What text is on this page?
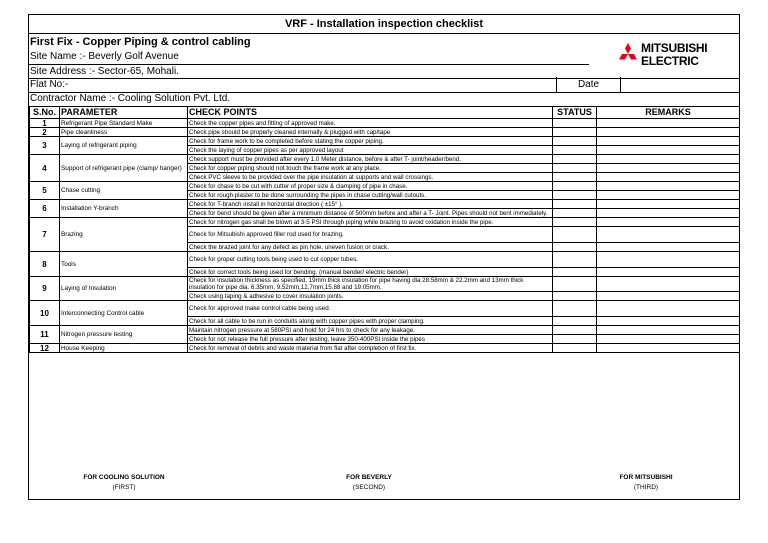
VRF - Installation inspection checklist
First Fix - Copper Piping & control cabling
Site Name :- Beverly Golf Avenue
Site Address :- Sector-65, Mohali.
Flat No:-	Date
Contractor Name :- Cooling Solution Pvt. Ltd.
MITSUBISHI
ELECTRIC
S.No.	PARAMETER	CHECK POINTS	STATUS	REMARKS
1	Refrigerant Pipe Standard Make	Check the copper pipes and fitting of approved make.		
2	Pipe cleanliness	Check pipe should be properly cleaned internally & plugged with cap/tape		
3	Laying of refrigerant piping	Check for frame work to be completed before stating the copper piping.		
		Check the laying of copper pipes as per approved layout		
4	Support of refrigerant pipe (clamp/ hanger)	Check support must be provided after every 1.0 Meter distance, before & after T- joint/header/bend.		
		Check for copper piping should not touch the frame work at any place.		
		Check PVC sleeve to be provided over the pipe insulation at supports and wall crossings.		
5	Chase cutting	Check for chase to be cut with cutter of proper size & clamping of pipe in chase.		
		Check for rough plaster to be done surrounding the pipes in chase cutting/wall cutouts.		
6	Installation Y-branch	Check for T-branch install in horizontal direction ( ±15° ).		
		Check for bend should be given after a minimum distance of 500mm before and after a T- Joint. Pipes should not bent immediately.		
7	Brazing	Check for nitrogen gas shall be blown at 3-5 PSI through piping while brazing to avoid oxidation inside the pipe.		
		Check for Mitsubishi approved filler rod used for brazing.		
		Check the brazed joint for any defect as pin hole, uneven fusion or crack.		
8	Tools	Check for proper cutting tools being used to cut copper tubes.		
		Check for correct tools being used for bending. (manual bender/ electric bender)		
9	Laying of Insulation	Check for insulation thickness as specified. 19mm thick insulation for pipe having dia 28.58mm & 22.2mm and 13mm thick insulation for pipe dia. 6.35mm, 9.52mm,12.7mm,15.88 and 19.05mm.		
		Check using taping & adhesive to cover insulation joints.		
10	Interconnecting Control cable	Check for approved make control cable being used.		
		Check for all cable to be run in conduits along with copper pipes with proper clamping.		
11	Nitrogen pressure testing	Maintain nitrogen pressure at 580PSI and hold for 24 hrs to check for any leakage.		
		Check for not release the full pressure after testing, leave 350-400PSI inside the pipes		
12	House Keeping	Check for removal of debris and waste material from flat after completion of first fix.		
FOR COOLING SOLUTION
(FIRST)
FOR BEVERLY
(SECOND)
FOR MITSUBISHI
(THIRD)
